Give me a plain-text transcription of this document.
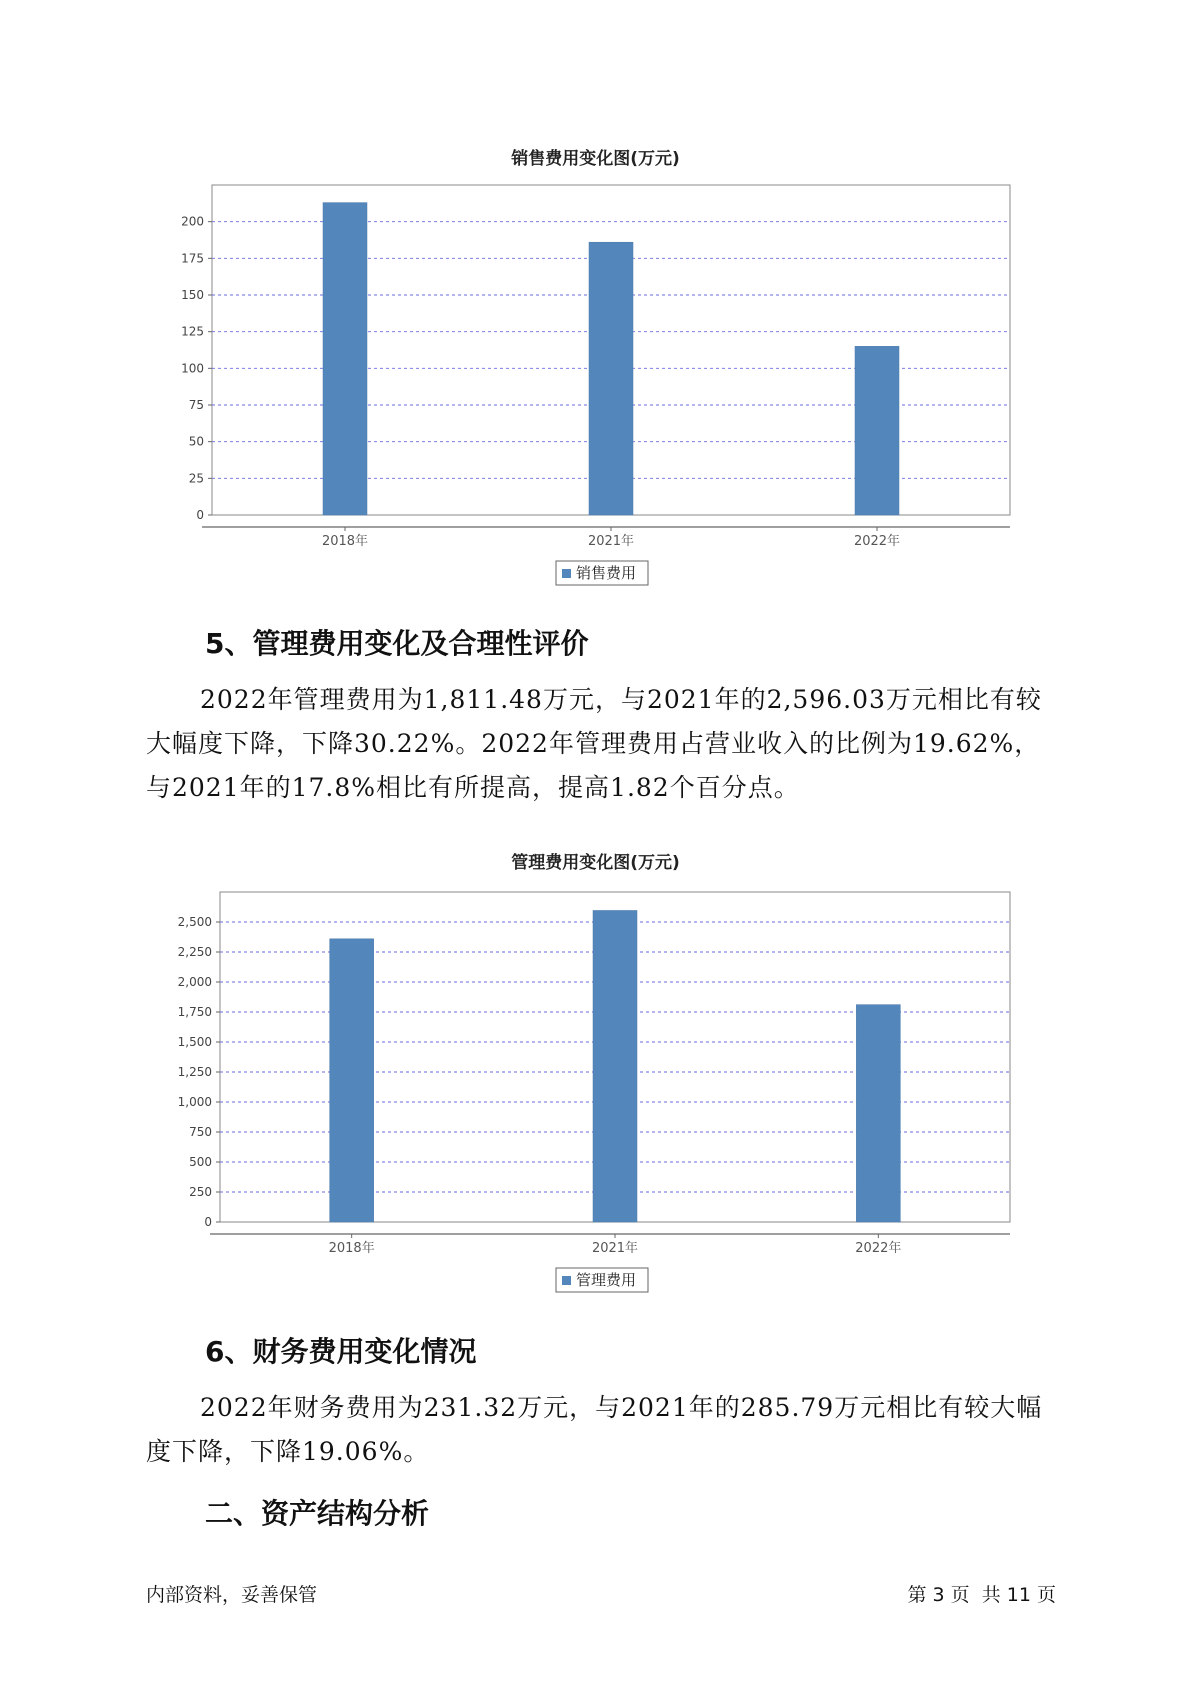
销售费用变化图(万元)
0
25
50
75
100
125
150
175
200
2018年	2021年	2022年
销售费用
5、管理费用变化及合理性评价

2022年管理费用为1,811.48万元，与2021年的2,596.03万元相比有较

大幅度下降，下降30.22%。2022年管理费用占营业收入的比例为19.62%，

与2021年的17.8%相比有所提高，提高1.82个百分点。

管理费用变化图(万元)
0
250
500
750
1,000
1,250
1,500
1,750
2,000
2,250
2,500
2018年	2021年	2022年
管理费用
6、财务费用变化情况

2022年财务费用为231.32万元，与2021年的285.79万元相比有较大幅

度下降，下降19.06%。

二、资产结构分析
内部资料，妥善保管	第 3 页  共 11 页
